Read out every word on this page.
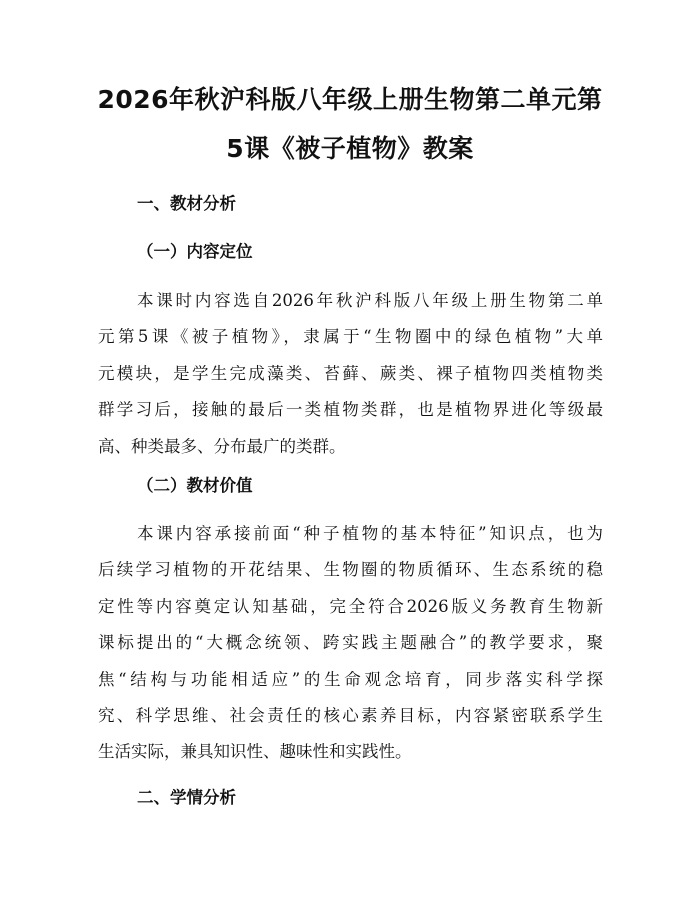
2026年秋沪科版八年级上册生物第二单元第
5课《被子植物》教案
一、教材分析
（一）内容定位
本课时内容选自2026年秋沪科版八年级上册生物第二单
元第5课《被子植物》，隶属于“生物圈中的绿色植物”大单
元模块，是学生完成藻类、苔藓、蕨类、裸子植物四类植物类
群学习后，接触的最后一类植物类群，也是植物界进化等级最
高、种类最多、分布最广的类群。
（二）教材价值
本课内容承接前面“种子植物的基本特征”知识点，也为
后续学习植物的开花结果、生物圈的物质循环、生态系统的稳
定性等内容奠定认知基础，完全符合2026版义务教育生物新
课标提出的“大概念统领、跨实践主题融合”的教学要求，聚
焦“结构与功能相适应”的生命观念培育，同步落实科学探
究、科学思维、社会责任的核心素养目标，内容紧密联系学生
生活实际，兼具知识性、趣味性和实践性。
二、学情分析
